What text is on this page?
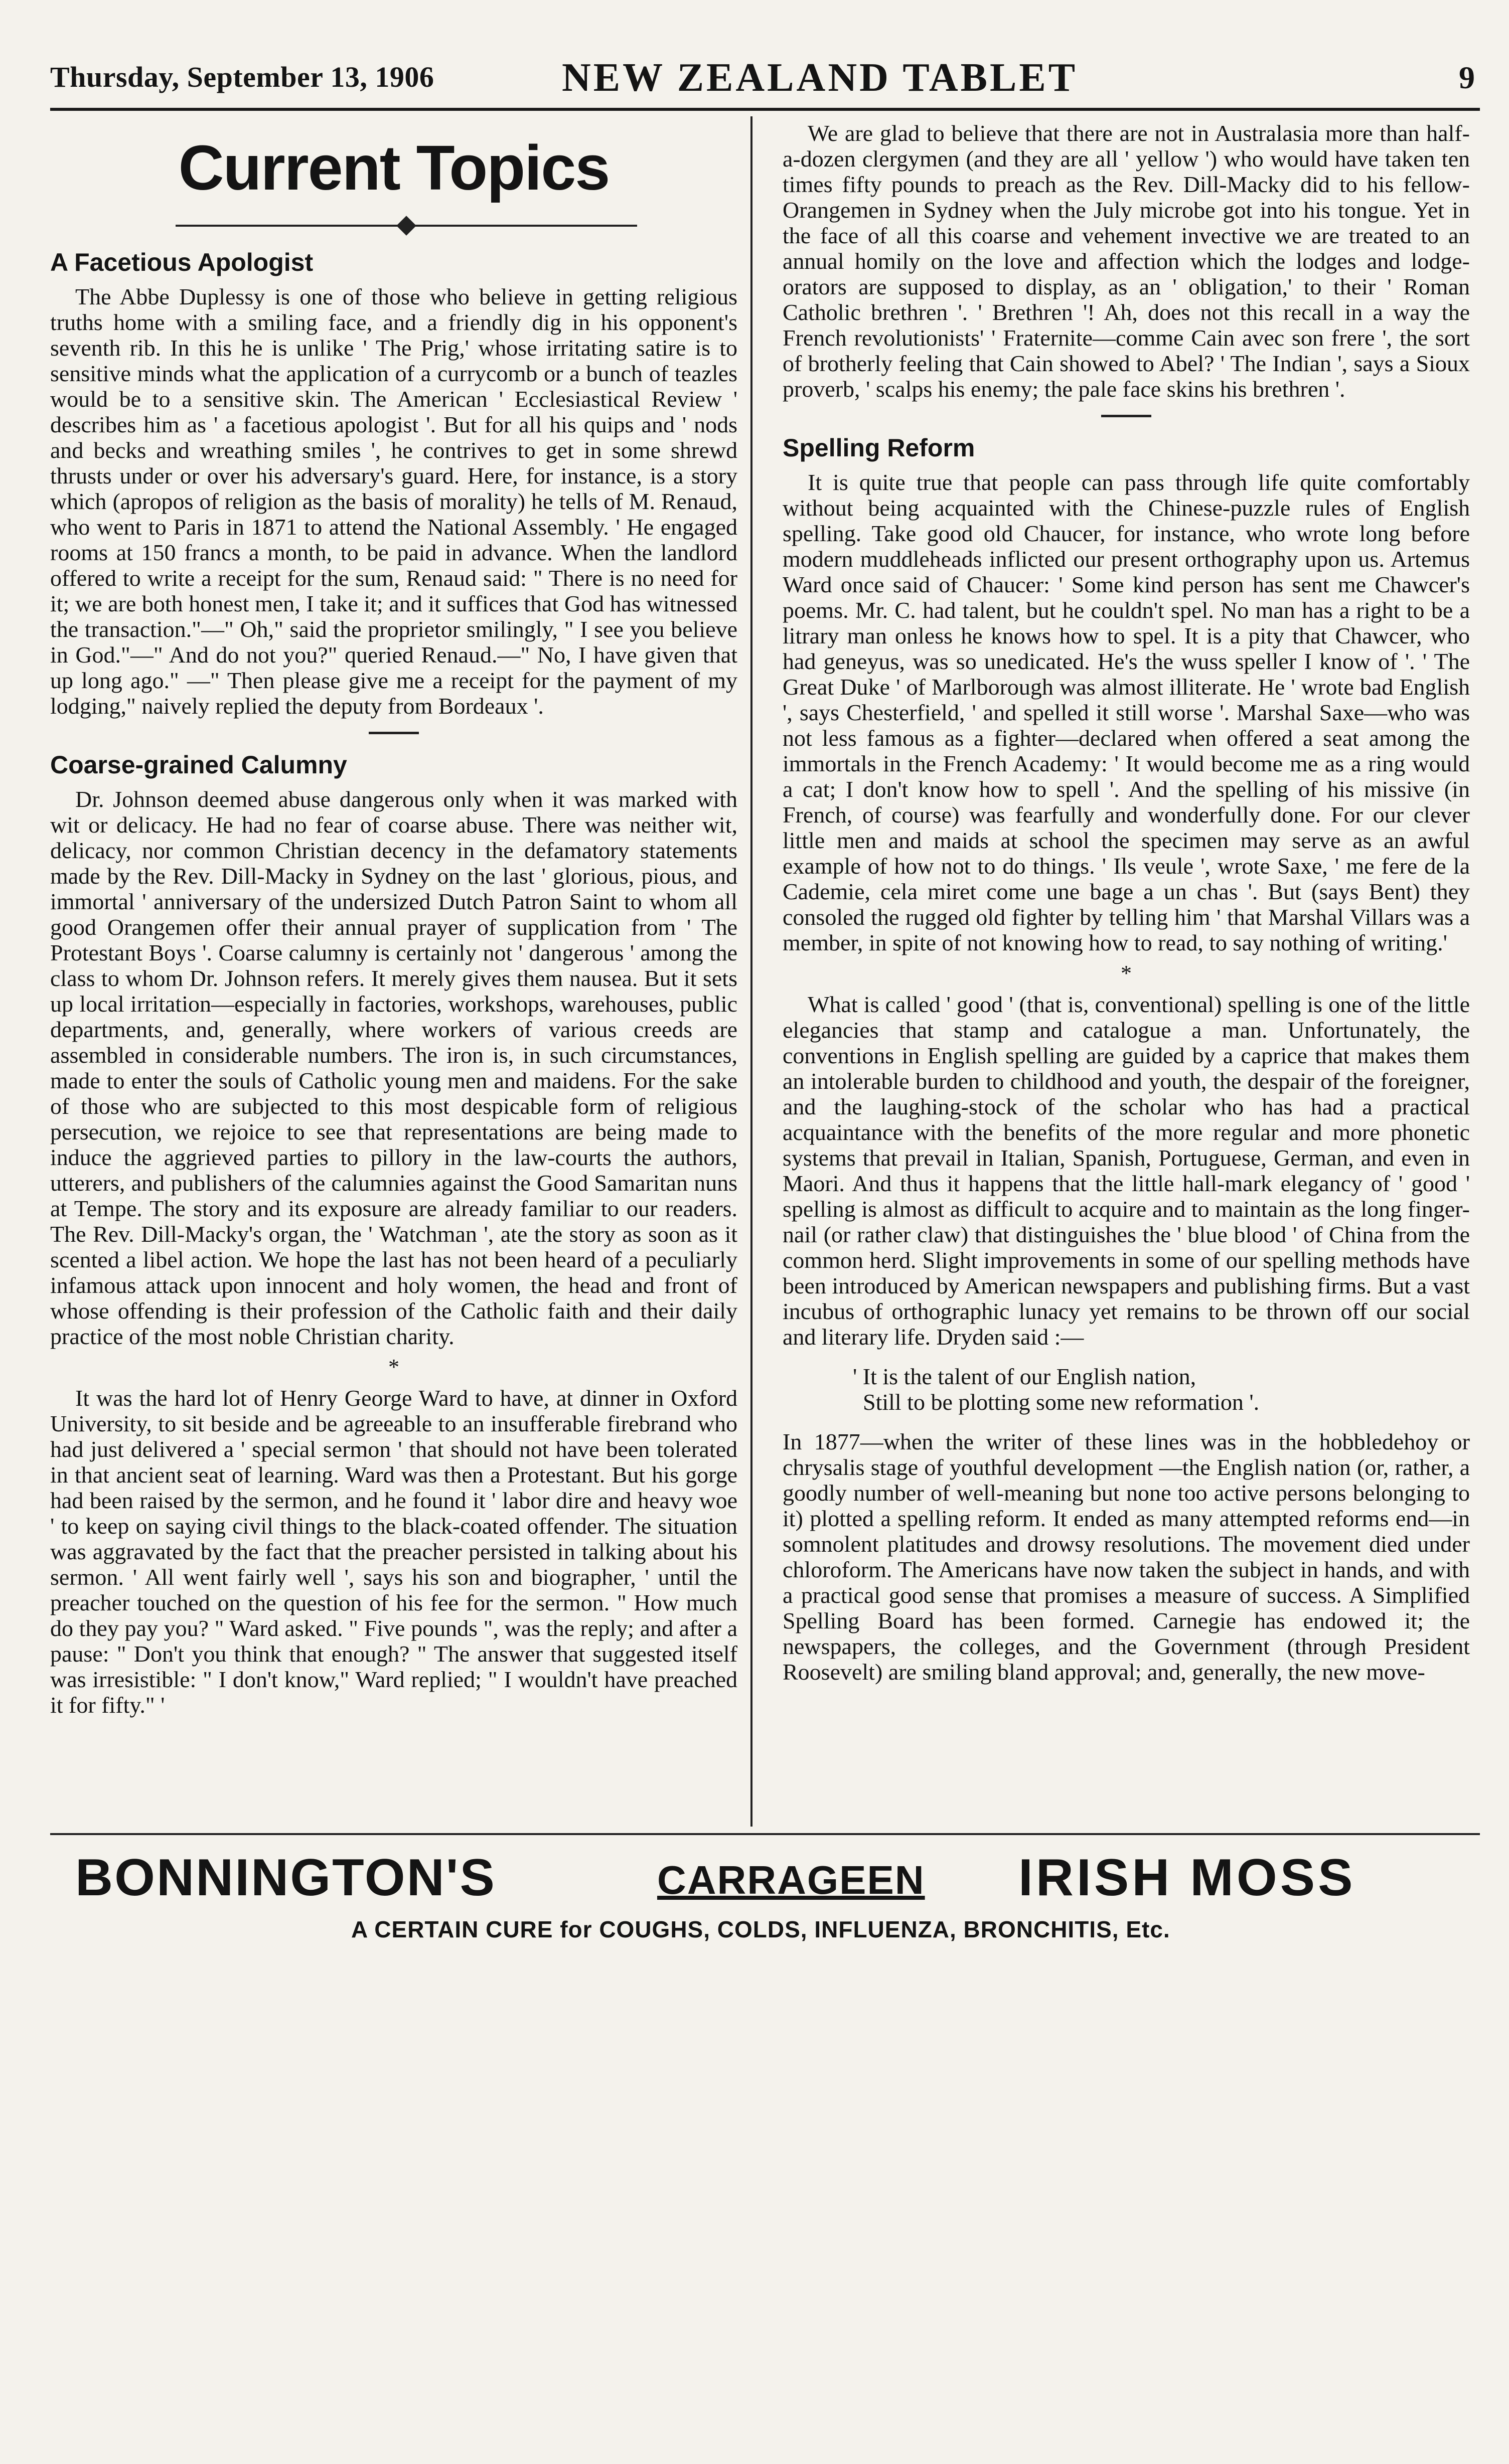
Thursday, September 13, 1906	NEW ZEALAND TABLET	9
Current Topics
A Facetious Apologist

The Abbe Duplessy is one of those who believe in getting religious truths home with a smiling face, and a friendly dig in his opponent's seventh rib. In this he is unlike ' The Prig,' whose irritating satire is to sensitive minds what the application of a currycomb or a bunch of teazles would be to a sensitive skin. The American ' Ecclesiastical Review ' describes him as ' a facetious apologist '. But for all his quips and ' nods and becks and wreathing smiles ', he contrives to get in some shrewd thrusts under or over his adversary's guard. Here, for instance, is a story which (apropos of religion as the basis of morality) he tells of M. Renaud, who went to Paris in 1871 to attend the National Assembly. ' He engaged rooms at 150 francs a month, to be paid in advance. When the landlord offered to write a receipt for the sum, Renaud said: " There is no need for it; we are both honest men, I take it; and it suffices that God has witnessed the transaction."—" Oh," said the proprietor smilingly, " I see you believe in God."—" And do not you?" queried Renaud.—" No, I have given that up long ago." —" Then please give me a receipt for the payment of my lodging," naively replied the deputy from Bordeaux '.

Coarse-grained Calumny

Dr. Johnson deemed abuse dangerous only when it was marked with wit or delicacy. He had no fear of coarse abuse. There was neither wit, delicacy, nor common Christian decency in the defamatory statements made by the Rev. Dill-Macky in Sydney on the last ' glorious, pious, and immortal ' anniversary of the undersized Dutch Patron Saint to whom all good Orangemen offer their annual prayer of supplication from ' The Protestant Boys '. Coarse calumny is certainly not ' dangerous ' among the class to whom Dr. Johnson refers. It merely gives them nausea. But it sets up local irritation—especially in factories, workshops, warehouses, public departments, and, generally, where workers of various creeds are assembled in considerable numbers. The iron is, in such circumstances, made to enter the souls of Catholic young men and maidens. For the sake of those who are subjected to this most despicable form of religious persecution, we rejoice to see that representations are being made to induce the aggrieved parties to pillory in the law-courts the authors, utterers, and publishers of the calumnies against the Good Samaritan nuns at Tempe. The story and its exposure are already familiar to our readers. The Rev. Dill-Macky's organ, the ' Watchman ', ate the story as soon as it scented a libel action. We hope the last has not been heard of a peculiarly infamous attack upon innocent and holy women, the head and front of whose offending is their profession of the Catholic faith and their daily practice of the most noble Christian charity.

*

It was the hard lot of Henry George Ward to have, at dinner in Oxford University, to sit beside and be agreeable to an insufferable firebrand who had just delivered a ' special sermon ' that should not have been tolerated in that ancient seat of learning. Ward was then a Protestant. But his gorge had been raised by the sermon, and he found it ' labor dire and heavy woe ' to keep on saying civil things to the black-coated offender. The situation was aggravated by the fact that the preacher persisted in talking about his sermon. ' All went fairly well ', says his son and biographer, ' until the preacher touched on the question of his fee for the sermon. " How much do they pay you? " Ward asked. " Five pounds ", was the reply; and after a pause: " Don't you think that enough? " The answer that suggested itself was irresistible: " I don't know," Ward replied; " I wouldn't have preached it for fifty." '

We are glad to believe that there are not in Australasia more than half-a-dozen clergymen (and they are all ' yellow ') who would have taken ten times fifty pounds to preach as the Rev. Dill-Macky did to his fellow-Orangemen in Sydney when the July microbe got into his tongue. Yet in the face of all this coarse and vehement invective we are treated to an annual homily on the love and affection which the lodges and lodge-orators are supposed to display, as an ' obligation,' to their ' Roman Catholic brethren '. ' Brethren '! Ah, does not this recall in a way the French revolutionists' ' Fraternite—comme Cain avec son frere ', the sort of brotherly feeling that Cain showed to Abel? ' The Indian ', says a Sioux proverb, ' scalps his enemy; the pale face skins his brethren '.

Spelling Reform

It is quite true that people can pass through life quite comfortably without being acquainted with the Chinese-puzzle rules of English spelling. Take good old Chaucer, for instance, who wrote long before modern muddleheads inflicted our present orthography upon us. Artemus Ward once said of Chaucer: ' Some kind person has sent me Chawcer's poems. Mr. C. had talent, but he couldn't spel. No man has a right to be a litrary man onless he knows how to spel. It is a pity that Chawcer, who had geneyus, was so unedicated. He's the wuss speller I know of '. ' The Great Duke ' of Marlborough was almost illiterate. He ' wrote bad English ', says Chesterfield, ' and spelled it still worse '. Marshal Saxe—who was not less famous as a fighter—declared when offered a seat among the immortals in the French Academy: ' It would become me as a ring would a cat; I don't know how to spell '. And the spelling of his missive (in French, of course) was fearfully and wonderfully done. For our clever little men and maids at school the specimen may serve as an awful example of how not to do things. ' Ils veule ', wrote Saxe, ' me fere de la Cademie, cela miret come une bage a un chas '. But (says Bent) they consoled the rugged old fighter by telling him ' that Marshal Villars was a member, in spite of not knowing how to read, to say nothing of writing.'

*

What is called ' good ' (that is, conventional) spelling is one of the little elegancies that stamp and catalogue a man. Unfortunately, the conventions in English spelling are guided by a caprice that makes them an intolerable burden to childhood and youth, the despair of the foreigner, and the laughing-stock of the scholar who has had a practical acquaintance with the benefits of the more regular and more phonetic systems that prevail in Italian, Spanish, Portuguese, German, and even in Maori. And thus it happens that the little hall-mark elegancy of ' good ' spelling is almost as difficult to acquire and to maintain as the long finger-nail (or rather claw) that distinguishes the ' blue blood ' of China from the common herd. Slight improvements in some of our spelling methods have been introduced by American newspapers and publishing firms. But a vast incubus of orthographic lunacy yet remains to be thrown off our social and literary life. Dryden said :—

' It is the talent of our English nation,
Still to be plotting some new reformation '.

In 1877—when the writer of these lines was in the hobbledehoy or chrysalis stage of youthful development —the English nation (or, rather, a goodly number of well-meaning but none too active persons belonging to it) plotted a spelling reform. It ended as many attempted reforms end—in somnolent platitudes and drowsy resolutions. The movement died under chloroform. The Americans have now taken the subject in hands, and with a practical good sense that promises a measure of success. A Simplified Spelling Board has been formed. Carnegie has endowed it; the newspapers, the colleges, and the Government (through President Roosevelt) are smiling bland approval; and, generally, the new move-

BONNINGTON'S	CARRAGEEN IRISH MOSS
A CERTAIN CURE for COUGHS, COLDS, INFLUENZA, BRONCHITIS, Etc.
